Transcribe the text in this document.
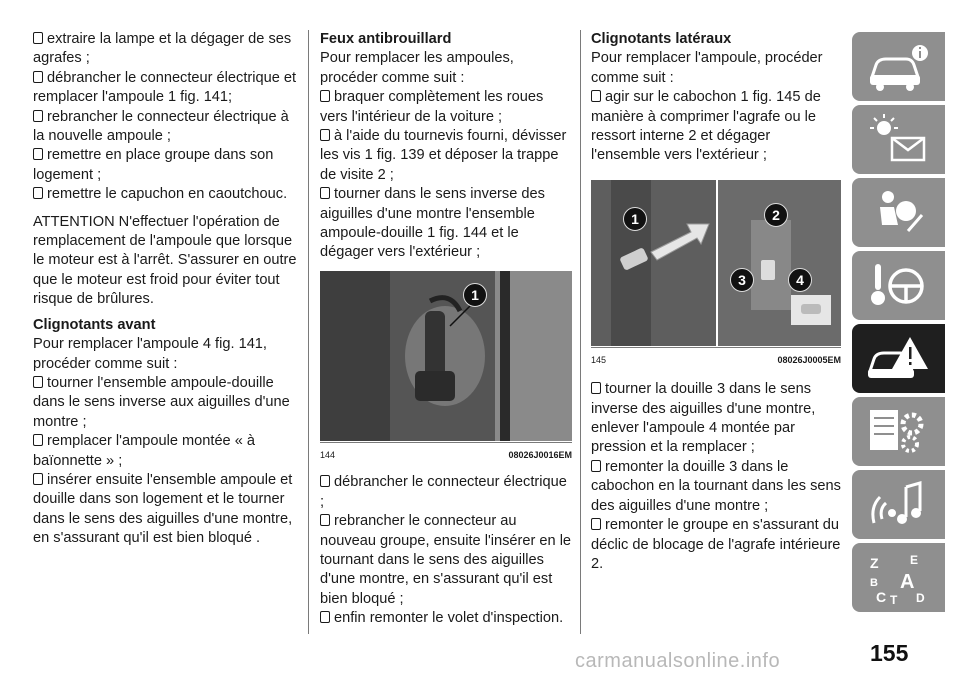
extraire la lampe et la dégager de ses agrafes ;

débrancher le connecteur électrique et remplacer l'ampoule 1 fig. 141;

rebrancher le connecteur électrique à la nouvelle ampoule ;

remettre en place groupe dans son logement ;

remettre le capuchon en caoutchouc.

ATTENTION N'effectuer l'opération de remplacement de l'ampoule que lorsque le moteur est à l'arrêt. S'assurer en outre que le moteur est froid pour éviter tout risque de brûlures.

Clignotants avant

Pour remplacer l'ampoule 4 fig. 141, procéder comme suit :

tourner l'ensemble ampoule-douille dans le sens inverse aux aiguilles d'une montre ;

remplacer l'ampoule montée « à baïonnette » ;

insérer ensuite l'ensemble ampoule et douille dans son logement et le tourner dans le sens des aiguilles d'une montre, en s'assurant qu'il est bien bloqué .

Feux antibrouillard

Pour remplacer les ampoules, procéder comme suit :

braquer complètement les roues vers l'intérieur de la voiture ;

à l'aide du tournevis fourni, dévisser les vis 1 fig. 139 et déposer la trappe de visite 2 ;

tourner dans le sens inverse des aiguilles d'une montre l'ensemble ampoule-douille 1 fig. 144 et le dégager vers l'extérieur ;

1
144	08026J0016EM

débrancher le connecteur électrique ;

rebrancher le connecteur au nouveau groupe, ensuite l'insérer en le tournant dans le sens des aiguilles d'une montre, en s'assurant qu'il est bien bloqué ;

enfin remonter le volet d'inspection.

Clignotants latéraux

Pour remplacer l'ampoule, procéder comme suit :

agir sur le cabochon 1 fig. 145 de manière à comprimer l'agrafe ou le ressort interne 2 et dégager l'ensemble vers l'extérieur ;

1	2
3	4
145	08026J0005EM

tourner la douille 3 dans le sens inverse des aiguilles d'une montre, enlever l'ampoule 4 montée par pression et la remplacer ;

remonter la douille 3 dans le cabochon en la tournant dans les sens des aiguilles d'une montre ;

remonter le groupe en s'assurant du déclic de blocage de l'agrafe intérieure 2.	Z	E
B A
C T D
155
carmanualsonline.info
